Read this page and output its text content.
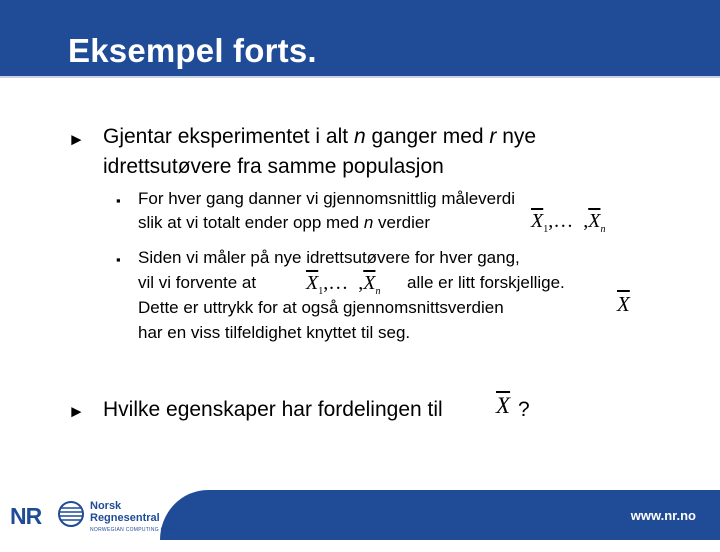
Eksempel forts.
► Gjentar eksperimentet i alt n ganger med r nye
idrettsutøvere fra samme populasjon
▪ For hver gang danner vi gjennomsnittlig måleverdi
slik at vi totalt ender opp med n verdier	$\overline{X}_1,\dots$ $,\overline{X}_n$
▪ Siden vi måler på nye idrettsutøvere for hver gang,
vil vi forvente at $\overline{X}_1,\dots$ $,\overline{X}_n$ alle er litt forskjellige.
Dette er uttrykk for at også gjennomsnittsverdien	$\overline{X}$
har en viss tilfeldighet knyttet til seg.
► Hvilke egenskaper har fordelingen til $\overline{X}$ ?
NR	Norsk
Regnesentral
NORWEGIAN COMPUTING CENTER
www.nr.no
